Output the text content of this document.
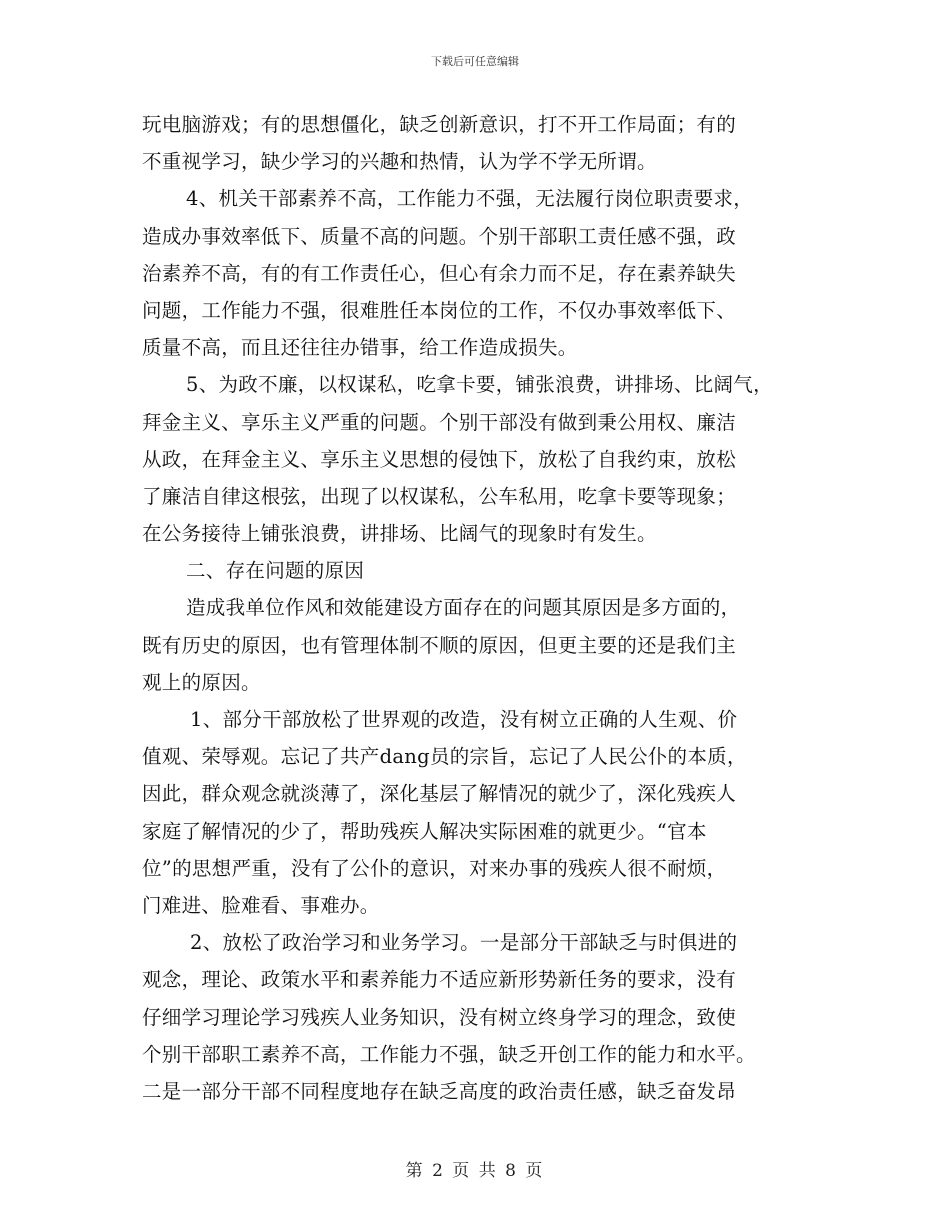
下载后可任意编辑
玩电脑游戏；有的思想僵化，缺乏创新意识，打不开工作局面；有的
不重视学习，缺少学习的兴趣和热情，认为学不学无所谓。
4、机关干部素养不高，工作能力不强，无法履行岗位职责要求，
造成办事效率低下、质量不高的问题。个别干部职工责任感不强，政
治素养不高，有的有工作责任心，但心有余力而不足，存在素养缺失
问题，工作能力不强，很难胜任本岗位的工作，不仅办事效率低下、
质量不高，而且还往往办错事，给工作造成损失。
5、为政不廉，以权谋私，吃拿卡要，铺张浪费，讲排场、比阔气，
拜金主义、享乐主义严重的问题。个别干部没有做到秉公用权、廉洁
从政，在拜金主义、享乐主义思想的侵蚀下，放松了自我约束，放松
了廉洁自律这根弦，出现了以权谋私，公车私用，吃拿卡要等现象；
在公务接待上铺张浪费，讲排场、比阔气的现象时有发生。
二、存在问题的原因
造成我单位作风和效能建设方面存在的问题其原因是多方面的，
既有历史的原因，也有管理体制不顺的原因，但更主要的还是我们主
观上的原因。
1、部分干部放松了世界观的改造，没有树立正确的人生观、价
值观、荣辱观。忘记了共产dang员的宗旨，忘记了人民公仆的本质，
因此，群众观念就淡薄了，深化基层了解情况的就少了，深化残疾人
家庭了解情况的少了，帮助残疾人解决实际困难的就更少。“官本
位”的思想严重，没有了公仆的意识，对来办事的残疾人很不耐烦，
门难进、脸难看、事难办。
2、放松了政治学习和业务学习。一是部分干部缺乏与时俱进的
观念，理论、政策水平和素养能力不适应新形势新任务的要求，没有
仔细学习理论学习残疾人业务知识，没有树立终身学习的理念，致使
个别干部职工素养不高，工作能力不强，缺乏开创工作的能力和水平。
二是一部分干部不同程度地存在缺乏高度的政治责任感，缺乏奋发昂
第 2 页 共 8 页
